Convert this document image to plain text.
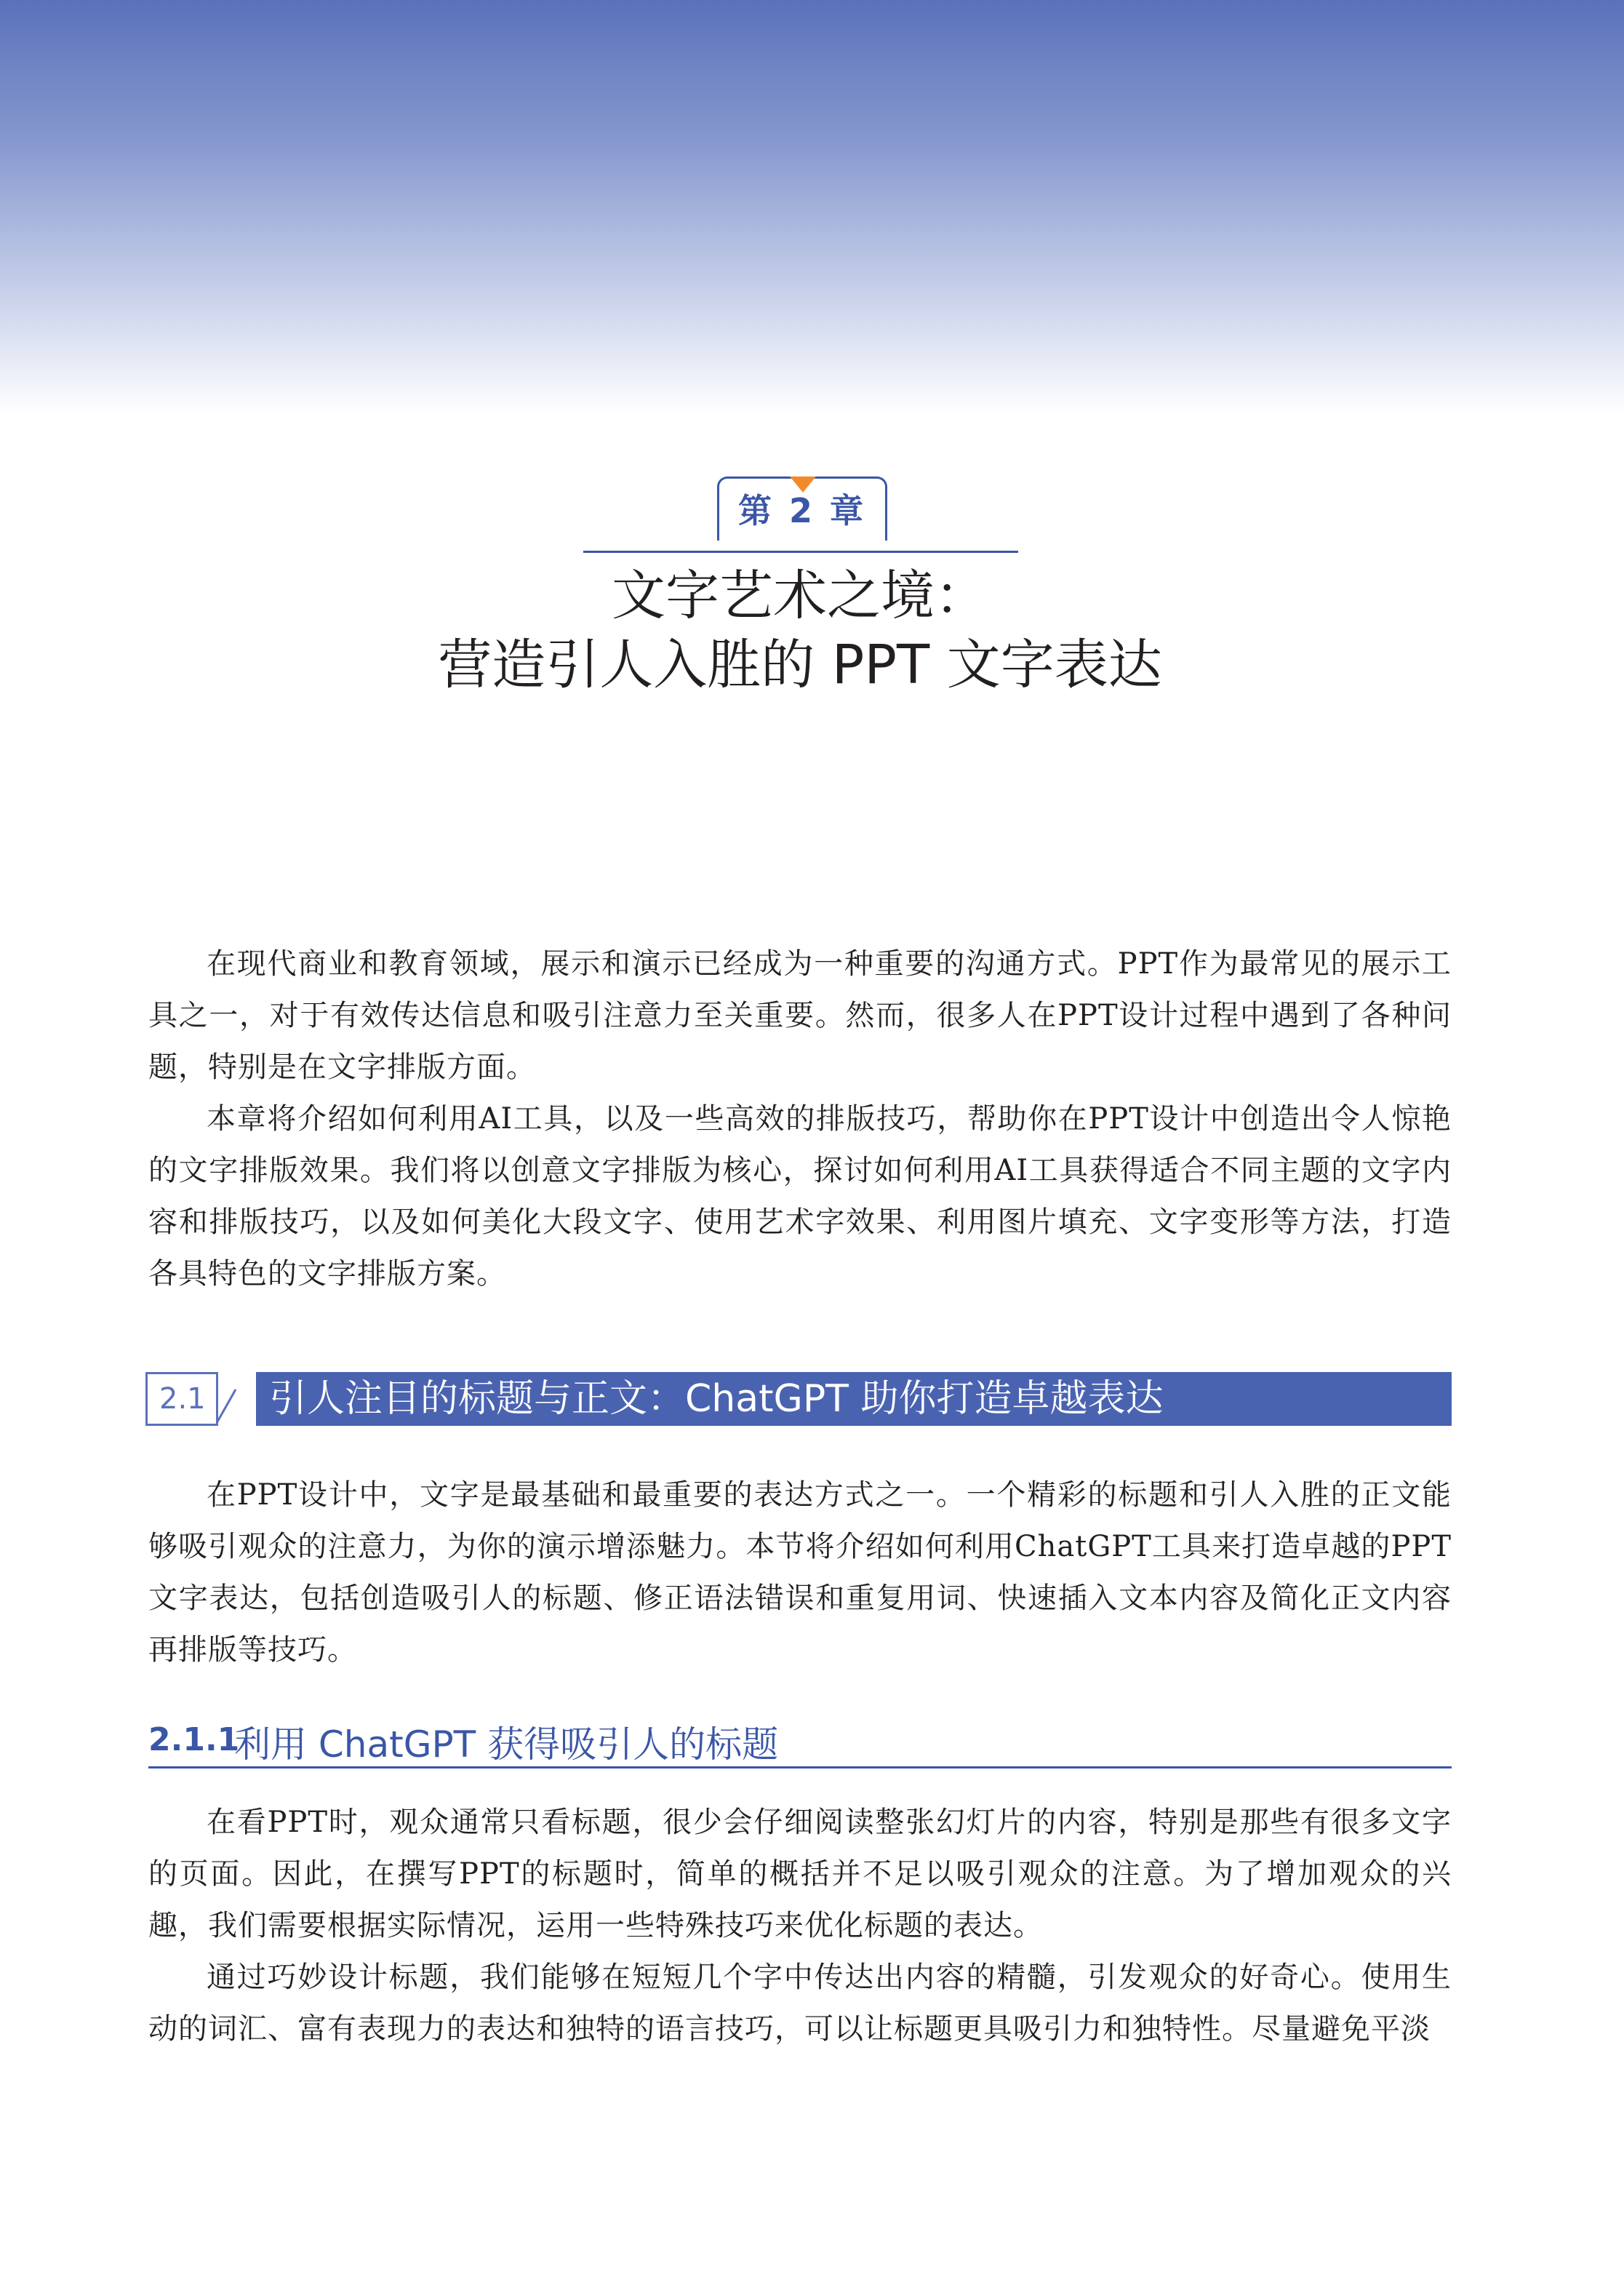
第 2 章
文字艺术之境：
营造引人入胜的 PPT 文字表达

在现代商业和教育领域，展示和演示已经成为一种重要的沟通方式。PPT作为最常见的展示工具之一，对于有效传达信息和吸引注意力至关重要。然而，很多人在PPT设计过程中遇到了各种问题，特别是在文字排版方面。

本章将介绍如何利用AI工具，以及一些高效的排版技巧，帮助你在PPT设计中创造出令人惊艳的文字排版效果。我们将以创意文字排版为核心，探讨如何利用AI工具获得适合不同主题的文字内容和排版技巧，以及如何美化大段文字、使用艺术字效果、利用图片填充、文字变形等方法，打造各具特色的文字排版方案。

2.1	引人注目的标题与正文：ChatGPT 助你打造卓越表达

在PPT设计中，文字是最基础和最重要的表达方式之一。一个精彩的标题和引人入胜的正文能够吸引观众的注意力，为你的演示增添魅力。本节将介绍如何利用ChatGPT工具来打造卓越的PPT文字表达，包括创造吸引人的标题、修正语法错误和重复用词、快速插入文本内容及简化正文内容再排版等技巧。

2.1.1
利用 ChatGPT 获得吸引人的标题

在看PPT时，观众通常只看标题，很少会仔细阅读整张幻灯片的内容，特别是那些有很多文字的页面。因此，在撰写PPT的标题时，简单的概括并不足以吸引观众的注意。为了增加观众的兴趣，我们需要根据实际情况，运用一些特殊技巧来优化标题的表达。

通过巧妙设计标题，我们能够在短短几个字中传达出内容的精髓，引发观众的好奇心。使用生动的词汇、富有表现力的表达和独特的语言技巧，可以让标题更具吸引力和独特性。尽量避免平淡
